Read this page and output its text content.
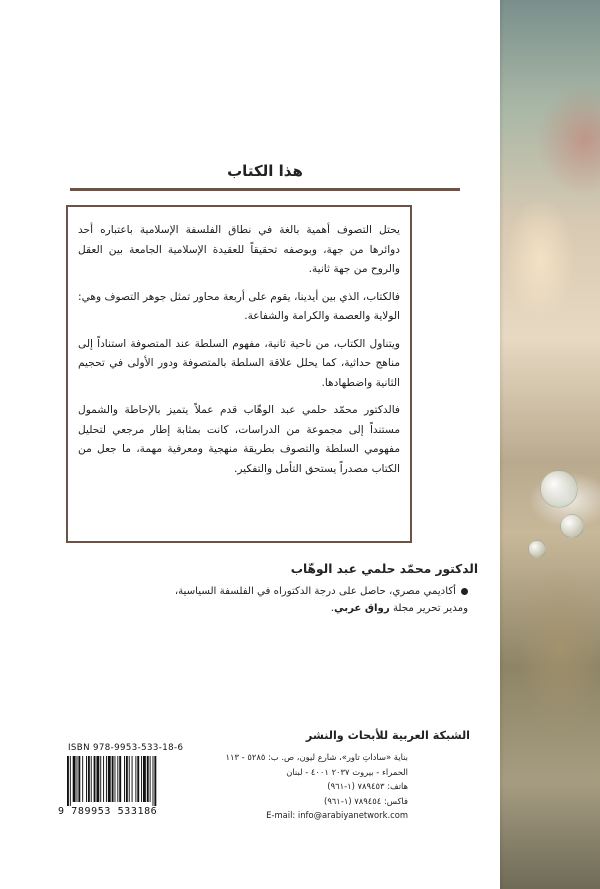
هذا الكتاب

يحتل التصوف أهمية بالغة في نطاق الفلسفة الإسلامية باعتباره أحد دوائرها من جهة، وبوصفه تحقيقاً للعقيدة الإسلامية الجامعة بين العقل والروح من جهة ثانية.

فالكتاب، الذي بين أيدينا، يقوم على أربعة محاور تمثل جوهر التصوف وهي: الولاية والعصمة والكرامة والشفاعة.

ويتناول الكتاب، من ناحية ثانية، مفهوم السلطة عند المتصوفة استناداً إلى مناهج حداثية، كما يحلل علاقة السلطة بالمتصوفة ودور الأولى في تحجيم الثانية واضطهادها.

فالدكتور محمّد حلمي عبد الوهّاب قدم عملاً يتميز بالإحاطة والشمول مستنداً إلى مجموعة من الدراسات، كانت بمثابة إطار مرجعي لتحليل مفهومي السلطة والتصوف بطريقة منهجية ومعرفية مهمة، ما جعل من الكتاب مصدراً يستحق التأمل والتفكير.

الدكتور محمّد حلمي عبد الوهّاب
أكاديمي مصري، حاصل على درجة الدكتوراه في الفلسفة السياسية،
ومدير تحرير مجلة رواق عربي.
الشبكة العربية للأبحاث والنشر
بناية «ساداتِ تاور»، شارع ليون، ص. ب: ٥٢٨٥ - ١١٣
الحمراء - بيروت ٢٠٣٧ ٤٠٠١ - لبنان
هاتف: ٧٨٩٤٥٣ (١-٩٦١)
فاكس: ٧٨٩٤٥٤ (١-٩٦١)
E-mail: info@arabiyanetwork.com
ISBN 978-9953-533-18-6
9 789953 533186
